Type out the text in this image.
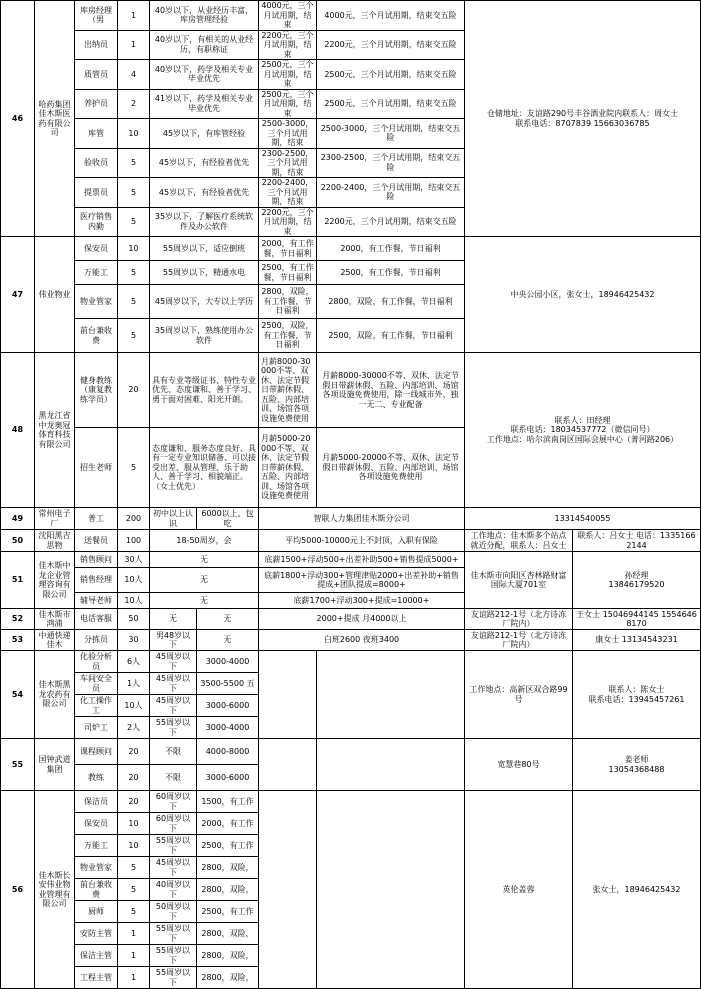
46	哈药集团佳木斯医药有限公司	库房经理（男	1	40岁以下，从业经历丰富，库房管理经验		4000元，三个月试用期，结束	4000元，三个月试用期，结束交五险	仓储地址：友谊路290号丰谷酒业院内联系人：周女士
联系电话：8707839 15663036785	

		出纳员	1	40岁以下，有相关的从业经历，有职称证		2200元，三个月试用期，结束	2200元，三个月试用期，结束交五险		
		质管员	4	40岁以下，药学及相关专业毕业优先		2500元，三个月试用期，结束	2500元，三个月试用期，结束交五险		
		养护员	2	41岁以下，药学及相关专业毕业优先		2500元，三个月试用期，结束	2500元，三个月试用期，结束交五险		
		库管	10	45岁以下，有库管经验		2500-3000，三个月试用期，结束	2500-3000，三个月试用期，结束交五险		
		验收员	5	45岁以下，有经验者优先		2300-2500，三个月试用期，结束	2300-2500，三个月试用期，结束交五险		
		提票员	5	45岁以下，有经验者优先		2200-2400，三个月试用期，结束	2200-2400，三个月试用期，结束交五险		
		医疗销售内勤	5	35岁以下，了解医疗系统软件及办公软件		2200元，三个月试用期，结束	2200元，三个月试用期，结束交五险		
47	伟业物业	保安员	10	55周岁以下，适应倒班		2000，有工作餐，节日福利	2000，有工作餐，节日福利	中央公园小区，张女士，18946425432	
		万能工	5	55周岁以下，精通水电		2500，有工作餐，节日福利	2500，有工作餐，节日福利		
		物业管家	5	45周岁以下，大专以上学历		2800，双险，有工作餐，节日福利	2800，双险，有工作餐，节日福利		
		前台兼收费	5	35周岁以下，熟练使用办公软件		2500，双险，有工作餐，节日福利	2500，双险，有工作餐，节日福利		
48	黑龙江省中龙奥冠体育科技有限公司	健身教练（康复教练学员）	20	具有专业等级证书、特性专业优先、态度谦和、善于学习、勇于面对困难、阳光开朗。		月薪8000-30000不等、双休、法定节假日带薪休假、五险、内部培训、场馆各项设施免费使用	月薪8000-30000不等、双休、法定节假日带薪休假、五险、内部培训、场馆各项设施免费使用，除一线城市外、独一无二、专业配备	联系人：田经理
联系电话：18034537772（微信同号）
工作地点：哈尔滨南岗区国际会展中心（菁河路206）	

		招生老师	5	态度谦和、服务态度良好、具有一定专业知识储备、可以接受出差、服从管理、乐于助人、善于学习、相貌端正。（女士优先）		月薪5000-20000不等、双休、法定节假日带薪休假、五险、内部培训、场馆各项设施免费使用	月薪5000-20000不等、双休、法定节假日带薪休假、五险、内部培训、场馆各项设施免费使用		
49	常州电子厂	普工	200	初中以上认识	6000以上，包吃	智联人力集团佳木斯分公司		13314540055	
50	沈阳黑吉思物	送餐员	100	18-50周岁，会		平均5000-10000元上不封顶，入职有保险		工作地点：佳木斯多个站点就近分配，联系人：吕女士	联系人：吕女士 电话：13351662144
51	佳木斯中龙企业管理咨询有限公司	销售顾问	30人	无		底薪1500+浮动500+出差补助500+销售提成5000+		佳木斯市向阳区杏林路财富国际大厦701室	孙经理
13846179520

		销售经理	10人	无		底薪1800+浮动300+管理津贴2000+出差补助+销售提成+团队提成=8000+			
		辅导老师	10人	无		底薪1700+浮动300+提成=10000+			
52	佳木斯市鸿浦	电话客服	50	无	无	2000+提成 月4000以上		友谊路212-1号（北方诗冻厂院内）	王女士 15046944145 15546468170
53	中通快递佳木	分拣员	30	男48岁以下	无	白班2600 夜班3400		友谊路212-1号（北方诗冻厂院内）	康女士 13134543231
54	佳木斯黑龙农药有限公司	化验分析员	6人	45周岁以下	3000-4000			工作地点：高新区双合路99号	联系人：陈女士
联系电话：13945457261

		车间安全员	1人	45周岁以下	3500-5500 五				
		化工操作工	10人	45周岁以下	3000-6000				
		司炉工	2人	55周岁以下	3000-4000				
55	国钟武道集团	课程顾问	20	不限	4000-8000			宽慧巷80号	姜老师
13054368488

		教练	20	不限	3000-6000				
56	佳木斯长安伟业物业管理有限公司	保洁员	20	60周岁以下	1500，有工作			英伦盖蓉	张女士，18946425432
		保安员	10	60周岁以下	2000，有工作				
		万能工	10	55周岁以下	2500，有工作				
		物业管家	5	45周岁以下	2800，双险，				
		前台兼收费	5	40周岁以下	2800，双险，				
		厨师	5	50周岁以下	2500，有工作				
		安防主管	1	55周岁以下	2800，双险，				
		保洁主管	1	55周岁以下	2800，双险，				
		工程主管	1	55周岁以下	2800，双险，				
